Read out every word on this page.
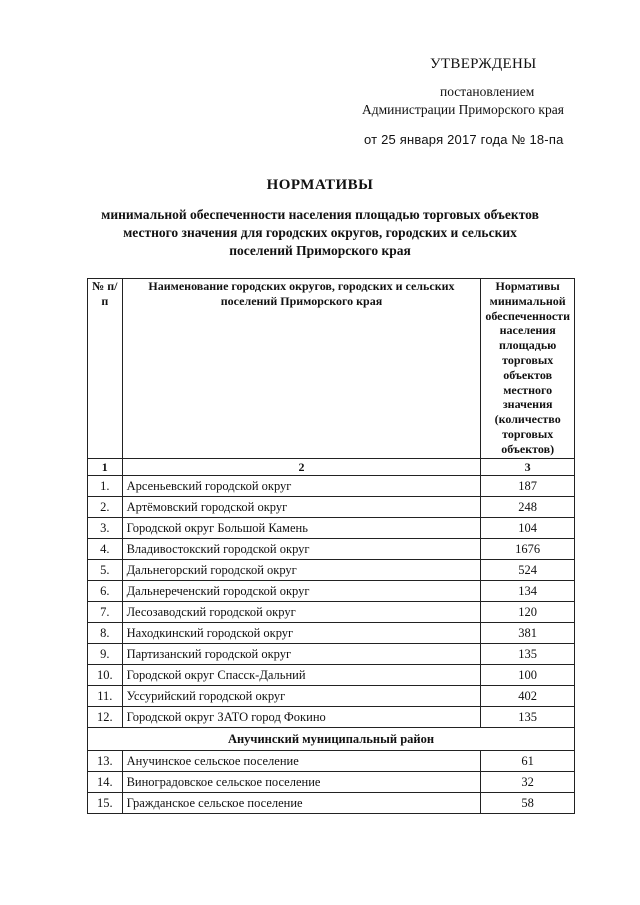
УТВЕРЖДЕНЫ
постановлением
Администрации Приморского края
от 25 января 2017 года № 18-па
НОРМАТИВЫ
минимальной обеспеченности населения площадью торговых объектов местного значения для городских округов, городских и сельских поселений Приморского края
№ п/п	Наименование городских округов, городских и сельских поселений Приморского края	Нормативы минимальной обеспеченности населения площадью торговых объектов местного значения (количество торговых объектов)
1	2	3
1.	Арсеньевский городской округ	187
2.	Артёмовский городской округ	248
3.	Городской округ Большой Камень	104
4.	Владивостокский городской округ	1676
5.	Дальнегорский городской округ	524
6.	Дальнереченский городской округ	134
7.	Лесозаводский городской округ	120
8.	Находкинский городской округ	381
9.	Партизанский городской округ	135
10.	Городской округ Спасск-Дальний	100
11.	Уссурийский городской округ	402
12.	Городской округ ЗАТО город Фокино	135
Анучинский муниципальный район		
13.	Анучинское сельское поселение	61
14.	Виноградовское сельское поселение	32
15.	Гражданское сельское поселение	58
